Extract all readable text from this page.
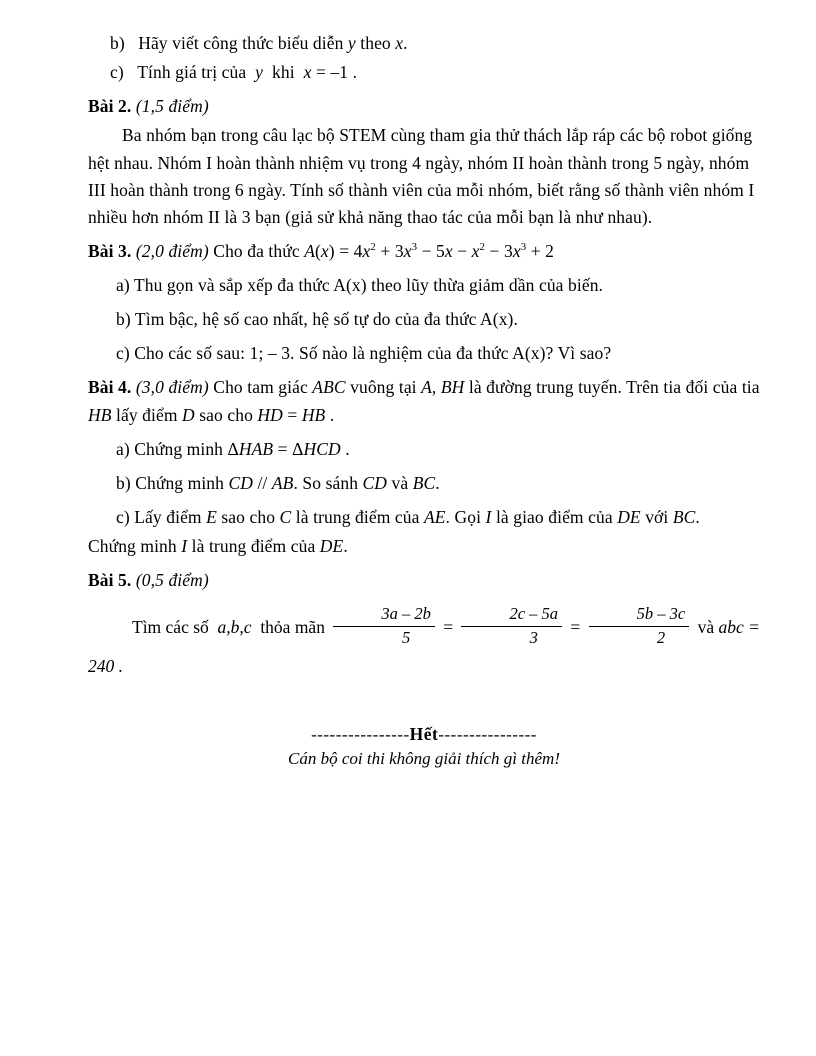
b)   Hãy viết công thức biểu diễn y theo x.
c)   Tính giá trị của  y  khi  x = –1 .
Bài 2. (1,5 điểm)
Ba nhóm bạn trong câu lạc bộ STEM cùng tham gia thử thách lắp ráp các bộ robot giống hệt nhau. Nhóm I hoàn thành nhiệm vụ trong 4 ngày, nhóm II hoàn thành trong 5 ngày, nhóm III hoàn thành trong 6 ngày. Tính số thành viên của mỗi nhóm, biết rằng số thành viên nhóm I nhiều hơn nhóm II là 3 bạn (giả sử khả năng thao tác của mỗi bạn là như nhau).
Bài 3. (2,0 điểm) Cho đa thức $A(x) = 4x^2 + 3x^3 - 5x - x^2 - 3x^3 + 2$
a) Thu gọn và sắp xếp đa thức A(x) theo lũy thừa giảm dần của biến.
b) Tìm bậc, hệ số cao nhất, hệ số tự do của đa thức A(x).
c) Cho các số sau: 1; – 3. Số nào là nghiệm của đa thức A(x)? Vì sao?
Bài 4. (3,0 điểm) Cho tam giác ABC vuông tại A, BH là đường trung tuyến. Trên tia đối của tia HB lấy điểm D sao cho HD = HB .
a) Chứng minh ΔHAB = ΔHCD .
b) Chứng minh CD // AB. So sánh CD và BC.
c) Lấy điểm E sao cho C là trung điểm của AE. Gọi I là giao điểm của DE với BC.
Chứng minh I là trung điểm của DE.
Bài 5. (0,5 điểm)
Tìm các số  a,b,c  thỏa mãn $\frac{3a - 2b}{5} = \frac{2c - 5a}{3} = \frac{5b - 3c}{2}$ và abc = 240 .
----------------Hết----------------
Cán bộ coi thi không giải thích gì thêm!
